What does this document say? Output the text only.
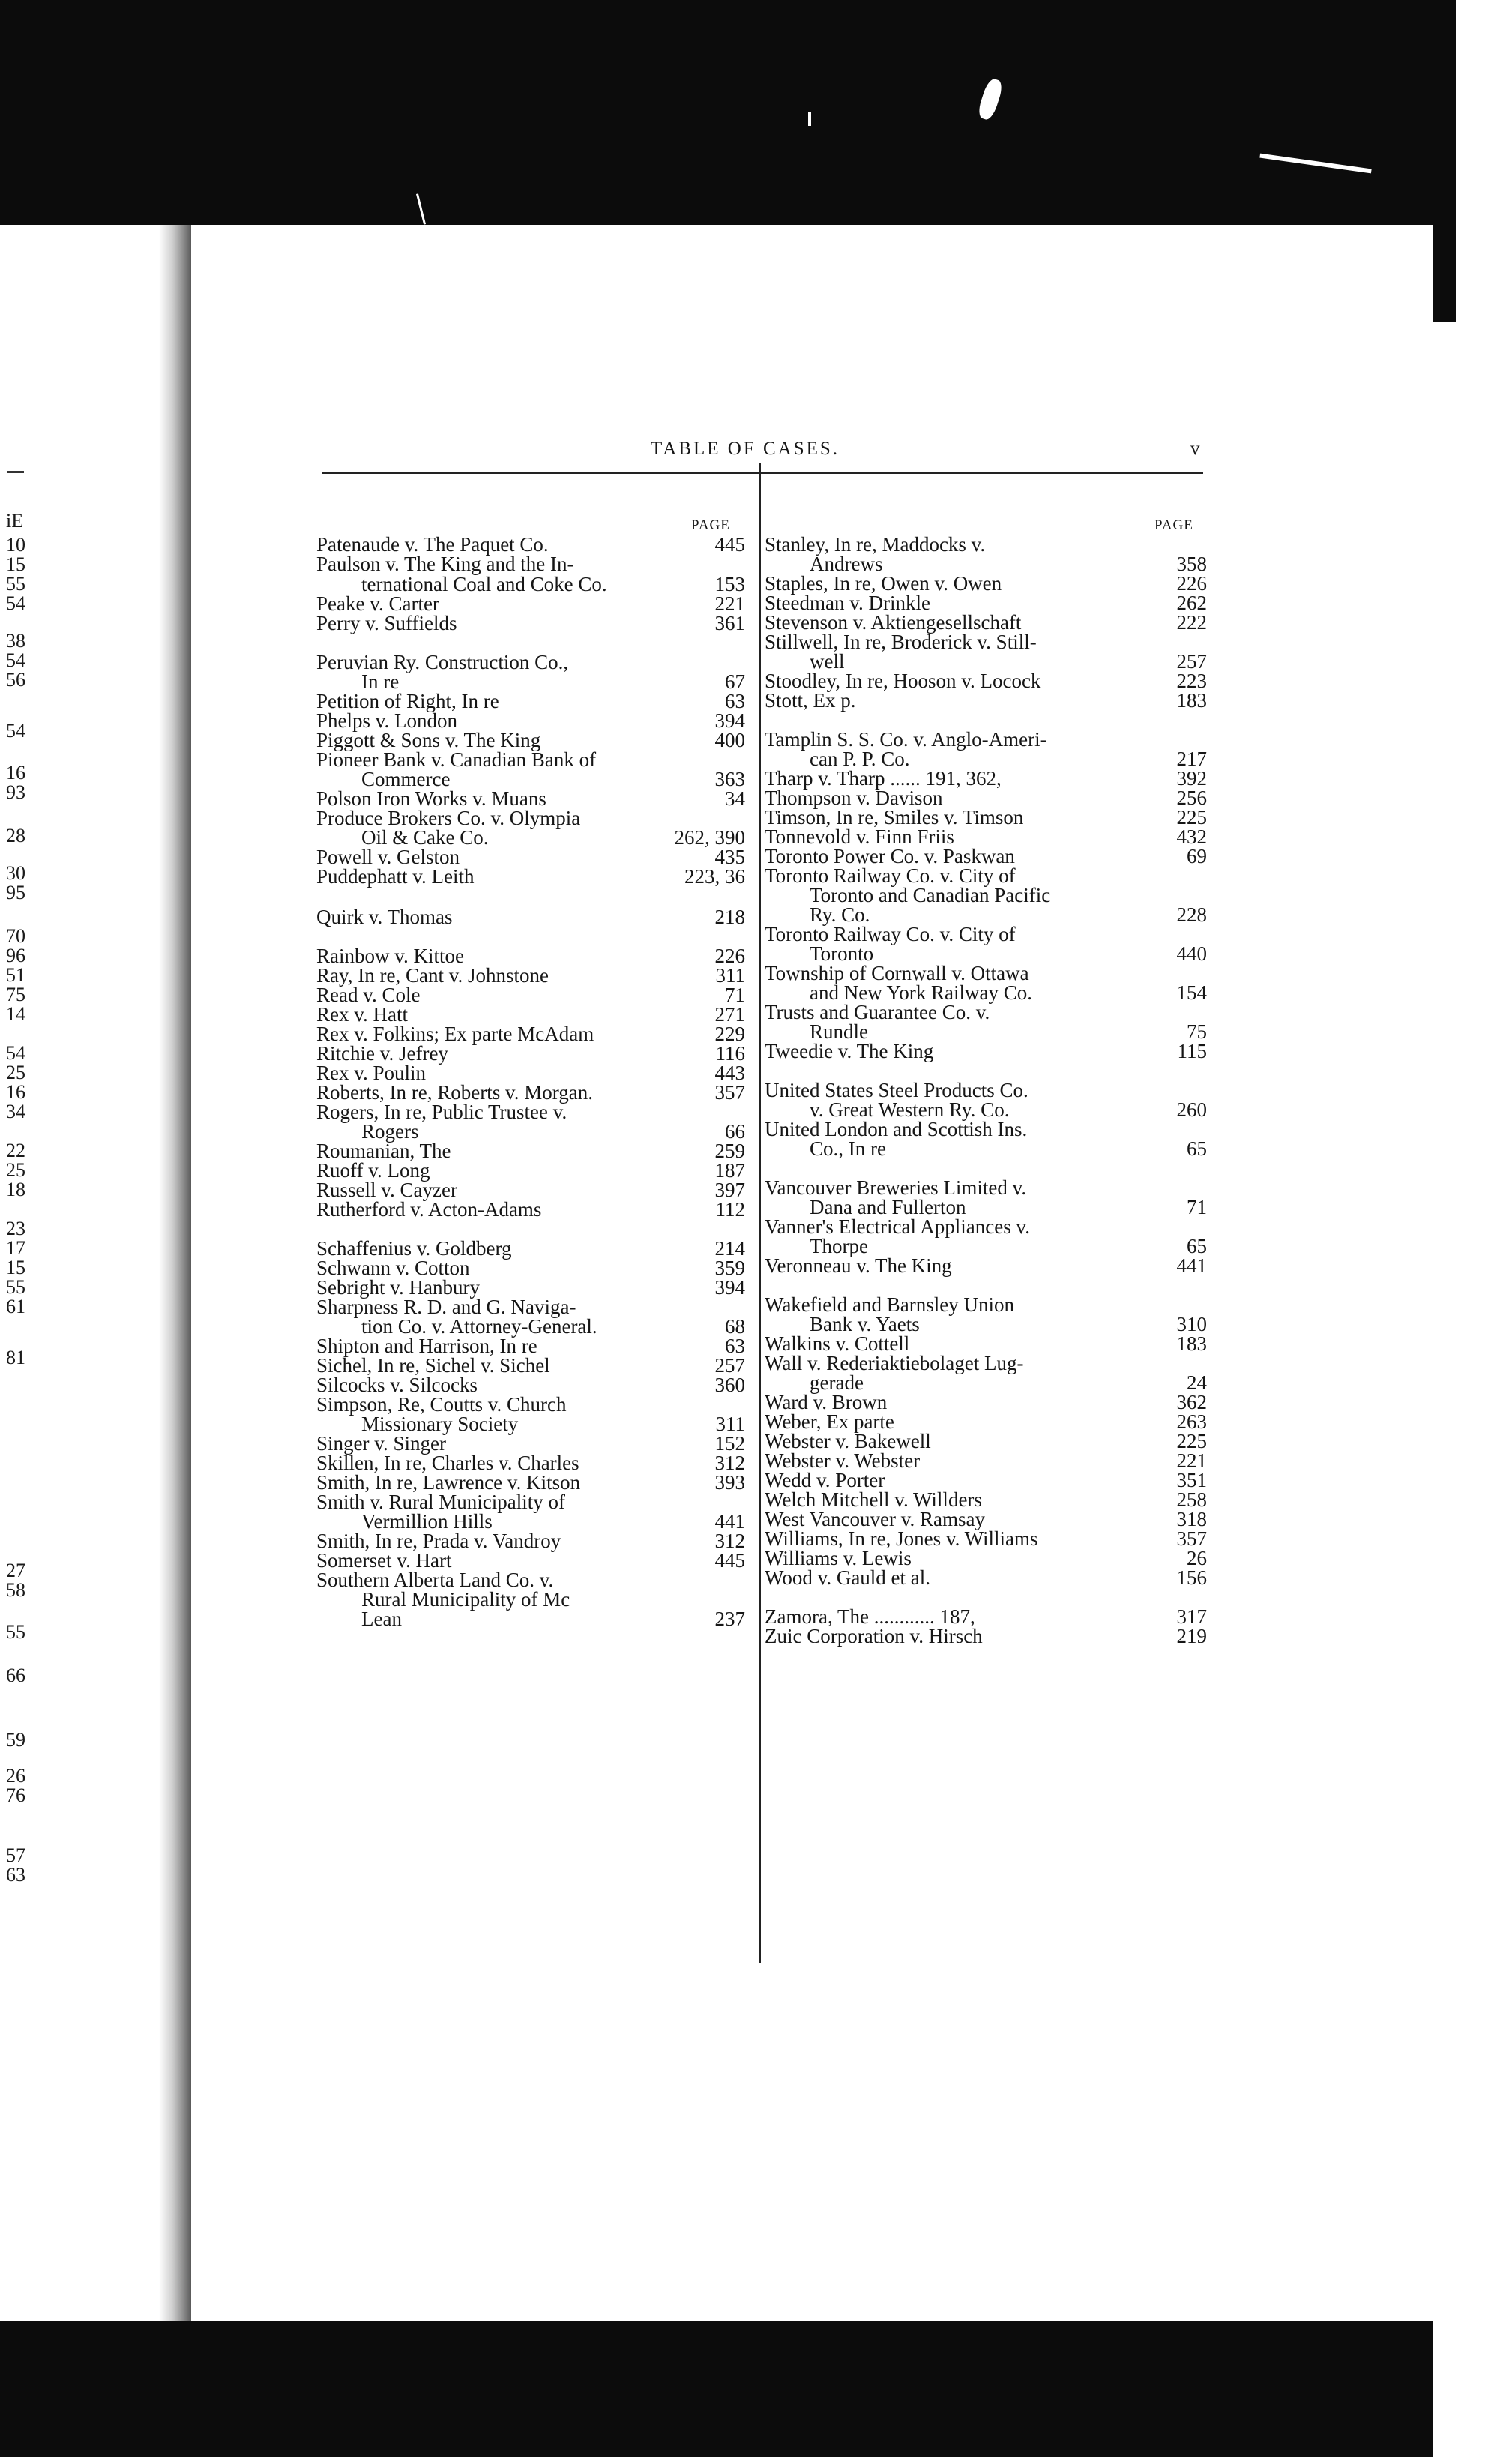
TABLE OF CASES.	v
iE
10
15
55
54
38
54
56
54
16
93
28
30
95
70
96
51
75
14
54
25
16
34
22
25
18
23
17
15
55
61
81
27
58
55
66
59
26
76
57
63
PAGE
Patenaude v. The Paquet Co.	445
Paulson v. The King and the In-
ternational Coal and Coke Co.	153
Peake v. Carter	221
Perry v. Suffields	361
Peruvian Ry. Construction Co.,
In re	67
Petition of Right, In re	63
Phelps v. London	394
Piggott & Sons v. The King	400
Pioneer Bank v. Canadian Bank of
Commerce	363
Polson Iron Works v. Muans	34
Produce Brokers Co. v. Olympia
Oil & Cake Co.	262, 390
Powell v. Gelston	435
Puddephatt v. Leith	223, 36
Quirk v. Thomas	218
Rainbow v. Kittoe	226
Ray, In re, Cant v. Johnstone	311
Read v. Cole	71
Rex v. Hatt	271
Rex v. Folkins; Ex parte McAdam	229
Ritchie v. Jefrey	116
Rex v. Poulin	443
Roberts, In re, Roberts v. Morgan.	357
Rogers, In re, Public Trustee v.
Rogers	66
Roumanian, The	259
Ruoff v. Long	187
Russell v. Cayzer	397
Rutherford v. Acton-Adams	112
Schaffenius v. Goldberg	214
Schwann v. Cotton	359
Sebright v. Hanbury	394
Sharpness R. D. and G. Naviga-
tion Co. v. Attorney-General.	68
Shipton and Harrison, In re	63
Sichel, In re, Sichel v. Sichel	257
Silcocks v. Silcocks	360
Simpson, Re, Coutts v. Church
Missionary Society	311
Singer v. Singer	152
Skillen, In re, Charles v. Charles	312
Smith, In re, Lawrence v. Kitson	393
Smith v. Rural Municipality of
Vermillion Hills	441
Smith, In re, Prada v. Vandroy	312
Somerset v. Hart	445
Southern Alberta Land Co. v.
Rural Municipality of Mc
Lean	237
PAGE
Stanley, In re, Maddocks v.
Andrews	358
Staples, In re, Owen v. Owen	226
Steedman v. Drinkle	262
Stevenson v. Aktiengesellschaft	222
Stillwell, In re, Broderick v. Still-
well	257
Stoodley, In re, Hooson v. Locock	223
Stott, Ex p.	183
Tamplin S. S. Co. v. Anglo-Ameri-
can P. P. Co.	217
Tharp v. Tharp ...... 191, 362,	392
Thompson v. Davison	256
Timson, In re, Smiles v. Timson	225
Tonnevold v. Finn Friis	432
Toronto Power Co. v. Paskwan	69
Toronto Railway Co. v. City of
Toronto and Canadian Pacific
Ry. Co.	228
Toronto Railway Co. v. City of
Toronto	440
Township of Cornwall v. Ottawa
and New York Railway Co.	154
Trusts and Guarantee Co. v.
Rundle	75
Tweedie v. The King	115
United States Steel Products Co.
v. Great Western Ry. Co.	260
United London and Scottish Ins.
Co., In re	65
Vancouver Breweries Limited v.
Dana and Fullerton	71
Vanner's Electrical Appliances v.
Thorpe	65
Veronneau v. The King	441
Wakefield and Barnsley Union
Bank v. Yaets	310
Walkins v. Cottell	183
Wall v. Rederiaktiebolaget Lug-
gerade	24
Ward v. Brown	362
Weber, Ex parte	263
Webster v. Bakewell	225
Webster v. Webster	221
Wedd v. Porter	351
Welch Mitchell v. Willders	258
West Vancouver v. Ramsay	318
Williams, In re, Jones v. Williams	357
Williams v. Lewis	26
Wood v. Gauld et al.	156
Zamora, The ............ 187,	317
Zuic Corporation v. Hirsch	219
